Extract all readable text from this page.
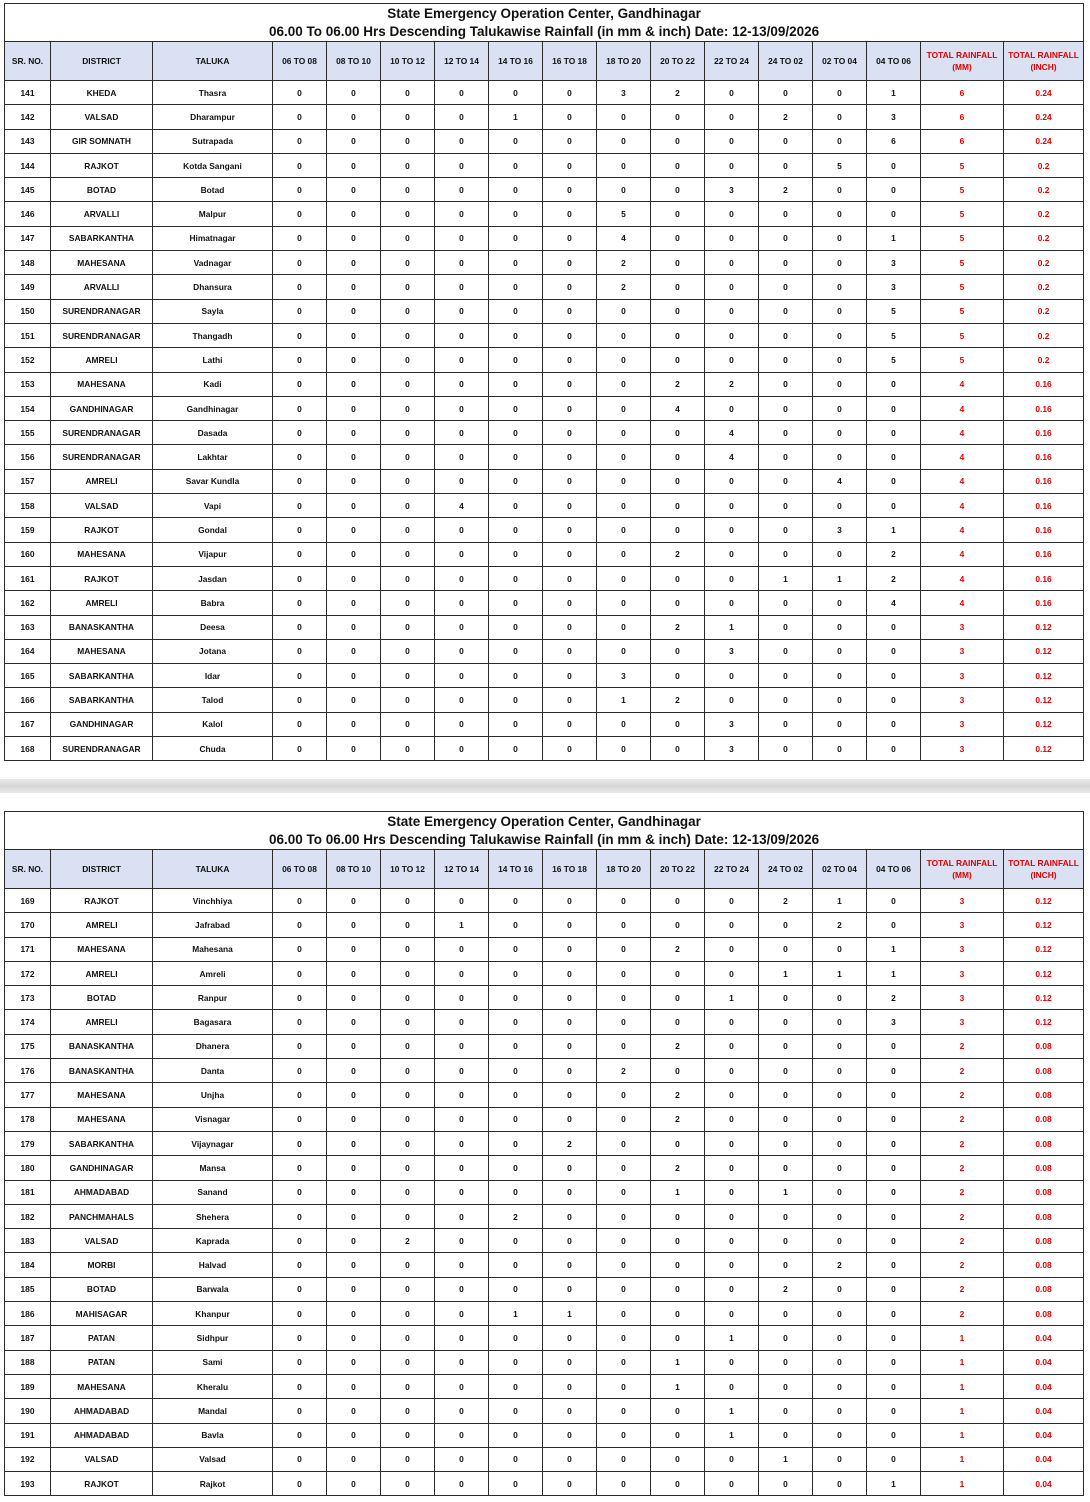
State Emergency Operation Center, Gandhinagar																
06.00 To 06.00 Hrs Descending Talukawise Rainfall (in mm & inch) Date: 12-13/09/2026																
SR. NO.	DISTRICT	TALUKA	06 TO 08	08 TO 10	10 TO 12	12 TO 14	14 TO 16	16 TO 18	18 TO 20	20 TO 22	22 TO 24	24 TO 02	02 TO 04	04 TO 06	TOTAL RAINFALL (MM)	TOTAL RAINFALL (INCH)
141	KHEDA	Thasra	0	0	0	0	0	0	3	2	0	0	0	1	6	0.24
142	VALSAD	Dharampur	0	0	0	0	1	0	0	0	0	2	0	3	6	0.24
143	GIR SOMNATH	Sutrapada	0	0	0	0	0	0	0	0	0	0	0	6	6	0.24
144	RAJKOT	Kotda Sangani	0	0	0	0	0	0	0	0	0	0	5	0	5	0.2
145	BOTAD	Botad	0	0	0	0	0	0	0	0	3	2	0	0	5	0.2
146	ARVALLI	Malpur	0	0	0	0	0	0	5	0	0	0	0	0	5	0.2
147	SABARKANTHA	Himatnagar	0	0	0	0	0	0	4	0	0	0	0	1	5	0.2
148	MAHESANA	Vadnagar	0	0	0	0	0	0	2	0	0	0	0	3	5	0.2
149	ARVALLI	Dhansura	0	0	0	0	0	0	2	0	0	0	0	3	5	0.2
150	SURENDRANAGAR	Sayla	0	0	0	0	0	0	0	0	0	0	0	5	5	0.2
151	SURENDRANAGAR	Thangadh	0	0	0	0	0	0	0	0	0	0	0	5	5	0.2
152	AMRELI	Lathi	0	0	0	0	0	0	0	0	0	0	0	5	5	0.2
153	MAHESANA	Kadi	0	0	0	0	0	0	0	2	2	0	0	0	4	0.16
154	GANDHINAGAR	Gandhinagar	0	0	0	0	0	0	0	4	0	0	0	0	4	0.16
155	SURENDRANAGAR	Dasada	0	0	0	0	0	0	0	0	4	0	0	0	4	0.16
156	SURENDRANAGAR	Lakhtar	0	0	0	0	0	0	0	0	4	0	0	0	4	0.16
157	AMRELI	Savar Kundla	0	0	0	0	0	0	0	0	0	0	4	0	4	0.16
158	VALSAD	Vapi	0	0	0	4	0	0	0	0	0	0	0	0	4	0.16
159	RAJKOT	Gondal	0	0	0	0	0	0	0	0	0	0	3	1	4	0.16
160	MAHESANA	Vijapur	0	0	0	0	0	0	0	2	0	0	0	2	4	0.16
161	RAJKOT	Jasdan	0	0	0	0	0	0	0	0	0	1	1	2	4	0.16
162	AMRELI	Babra	0	0	0	0	0	0	0	0	0	0	0	4	4	0.16
163	BANASKANTHA	Deesa	0	0	0	0	0	0	0	2	1	0	0	0	3	0.12
164	MAHESANA	Jotana	0	0	0	0	0	0	0	0	3	0	0	0	3	0.12
165	SABARKANTHA	Idar	0	0	0	0	0	0	3	0	0	0	0	0	3	0.12
166	SABARKANTHA	Talod	0	0	0	0	0	0	1	2	0	0	0	0	3	0.12
167	GANDHINAGAR	Kalol	0	0	0	0	0	0	0	0	3	0	0	0	3	0.12
168	SURENDRANAGAR	Chuda	0	0	0	0	0	0	0	0	3	0	0	0	3	0.12
State Emergency Operation Center, Gandhinagar																
06.00 To 06.00 Hrs Descending Talukawise Rainfall (in mm & inch) Date: 12-13/09/2026																
SR. NO.	DISTRICT	TALUKA	06 TO 08	08 TO 10	10 TO 12	12 TO 14	14 TO 16	16 TO 18	18 TO 20	20 TO 22	22 TO 24	24 TO 02	02 TO 04	04 TO 06	TOTAL RAINFALL (MM)	TOTAL RAINFALL (INCH)
169	RAJKOT	Vinchhiya	0	0	0	0	0	0	0	0	0	2	1	0	3	0.12
170	AMRELI	Jafrabad	0	0	0	1	0	0	0	0	0	0	2	0	3	0.12
171	MAHESANA	Mahesana	0	0	0	0	0	0	0	2	0	0	0	1	3	0.12
172	AMRELI	Amreli	0	0	0	0	0	0	0	0	0	1	1	1	3	0.12
173	BOTAD	Ranpur	0	0	0	0	0	0	0	0	1	0	0	2	3	0.12
174	AMRELI	Bagasara	0	0	0	0	0	0	0	0	0	0	0	3	3	0.12
175	BANASKANTHA	Dhanera	0	0	0	0	0	0	0	2	0	0	0	0	2	0.08
176	BANASKANTHA	Danta	0	0	0	0	0	0	2	0	0	0	0	0	2	0.08
177	MAHESANA	Unjha	0	0	0	0	0	0	0	2	0	0	0	0	2	0.08
178	MAHESANA	Visnagar	0	0	0	0	0	0	0	2	0	0	0	0	2	0.08
179	SABARKANTHA	Vijaynagar	0	0	0	0	0	2	0	0	0	0	0	0	2	0.08
180	GANDHINAGAR	Mansa	0	0	0	0	0	0	0	2	0	0	0	0	2	0.08
181	AHMADABAD	Sanand	0	0	0	0	0	0	0	1	0	1	0	0	2	0.08
182	PANCHMAHALS	Shehera	0	0	0	0	2	0	0	0	0	0	0	0	2	0.08
183	VALSAD	Kaprada	0	0	2	0	0	0	0	0	0	0	0	0	2	0.08
184	MORBI	Halvad	0	0	0	0	0	0	0	0	0	0	2	0	2	0.08
185	BOTAD	Barwala	0	0	0	0	0	0	0	0	0	2	0	0	2	0.08
186	MAHISAGAR	Khanpur	0	0	0	0	1	1	0	0	0	0	0	0	2	0.08
187	PATAN	Sidhpur	0	0	0	0	0	0	0	0	1	0	0	0	1	0.04
188	PATAN	Sami	0	0	0	0	0	0	0	1	0	0	0	0	1	0.04
189	MAHESANA	Kheralu	0	0	0	0	0	0	0	1	0	0	0	0	1	0.04
190	AHMADABAD	Mandal	0	0	0	0	0	0	0	0	1	0	0	0	1	0.04
191	AHMADABAD	Bavla	0	0	0	0	0	0	0	0	1	0	0	0	1	0.04
192	VALSAD	Valsad	0	0	0	0	0	0	0	0	0	1	0	0	1	0.04
193	RAJKOT	Rajkot	0	0	0	0	0	0	0	0	0	0	0	1	1	0.04
